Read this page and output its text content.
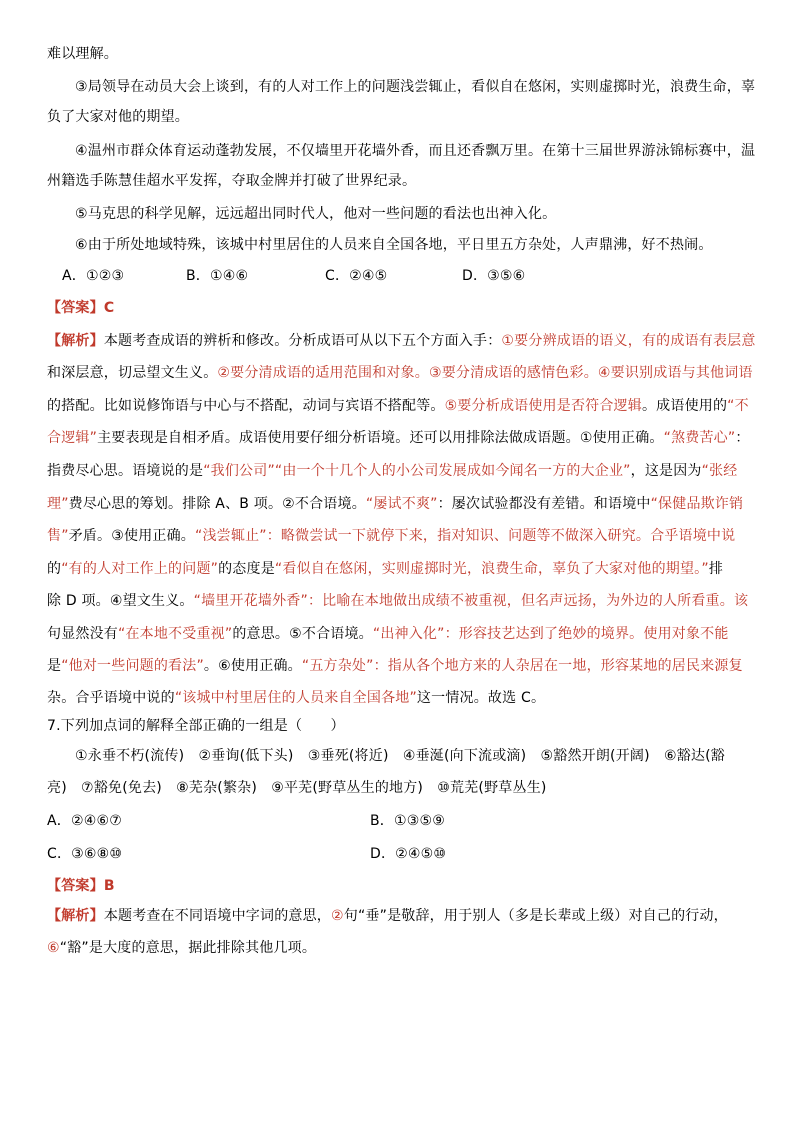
难以理解。
③局领导在动员大会上谈到，有的人对工作上的问题浅尝辄止，看似自在悠闲，实则虚掷时光，浪费生命，辜
负了大家对他的期望。
④温州市群众体育运动蓬勃发展，不仅墙里开花墙外香，而且还香飘万里。在第十三届世界游泳锦标赛中，温
州籍选手陈慧佳超水平发挥，夺取金牌并打破了世界纪录。
⑤马克思的科学见解，远远超出同时代人，他对一些问题的看法也出神入化。
⑥由于所处地域特殊，该城中村里居住的人员来自全国各地，平日里五方杂处，人声鼎沸，好不热闹。
A．①②③	B．①④⑥	C．②④⑤	D．③⑤⑥
【答案】C
【解析】本题考查成语的辨析和修改。分析成语可从以下五个方面入手：①要分辨成语的语义，有的成语有表层意
和深层意，切忌望文生义。②要分清成语的适用范围和对象。③要分清成语的感情色彩。④要识别成语与其他词语
的搭配。比如说修饰语与中心与不搭配，动词与宾语不搭配等。⑤要分析成语使用是否符合逻辑。成语使用的“不
合逻辑”主要表现是自相矛盾。成语使用要仔细分析语境。还可以用排除法做成语题。①使用正确。“煞费苦心”：
指费尽心思。语境说的是“我们公司”“由一个十几个人的小公司发展成如今闻名一方的大企业”，这是因为“张经
理”费尽心思的筹划。排除 A、B 项。②不合语境。“屡试不爽”：屡次试验都没有差错。和语境中“保健品欺诈销
售”矛盾。③使用正确。“浅尝辄止”：略微尝试一下就停下来，指对知识、问题等不做深入研究。合乎语境中说
的“有的人对工作上的问题”的态度是“看似自在悠闲，实则虚掷时光，浪费生命，辜负了大家对他的期望。”排
除 D 项。④望文生义。“墙里开花墙外香”：比喻在本地做出成绩不被重视，但名声远扬，为外边的人所看重。该
句显然没有“在本地不受重视”的意思。⑤不合语境。“出神入化”：形容技艺达到了绝妙的境界。使用对象不能
是“他对一些问题的看法”。⑥使用正确。“五方杂处”：指从各个地方来的人杂居在一地，形容某地的居民来源复
杂。合乎语境中说的“该城中村里居住的人员来自全国各地”这一情况。故选 C。
7.下列加点词的解释全部正确的一组是（　　）
①永垂不朽(流传)　②垂询(低下头)　③垂死(将近)　④垂涎(向下流或滴)　⑤豁然开朗(开阔)　⑥豁达(豁
亮)　⑦豁免(免去)　⑧芜杂(繁杂)　⑨平芜(野草丛生的地方)　⑩荒芜(野草丛生)
A．②④⑥⑦	B．①③⑤⑨
C．③⑥⑧⑩	D．②④⑤⑩
【答案】B
【解析】本题考查在不同语境中字词的意思，②句“垂”是敬辞，用于别人（多是长辈或上级）对自己的行动，
⑥“豁”是大度的意思，据此排除其他几项。
